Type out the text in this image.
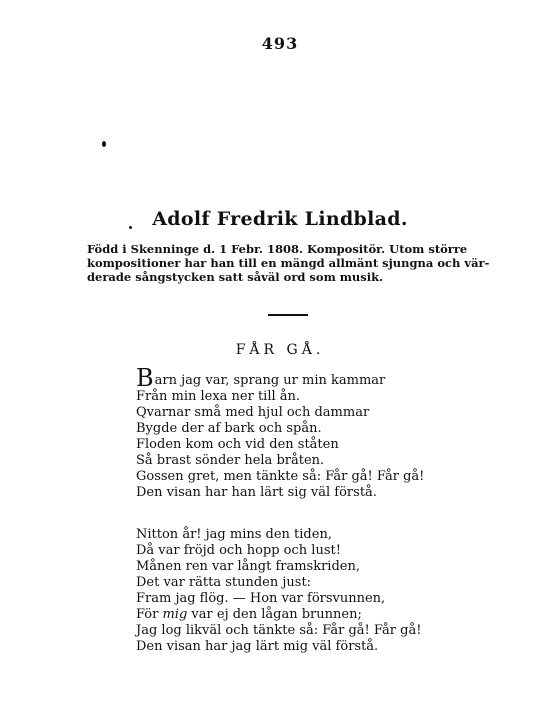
493
Adolf Fredrik Lindblad.
Född i Skenninge d. 1 Febr. 1808. Kompositör. Utom större
kompositioner har han till en mängd allmänt sjungna och vär-
derade sångstycken satt såväl ord som musik.
FÅR GÅ.
Barn jag var, sprang ur min kammar
Från min lexa ner till ån.
Qvarnar små med hjul och dammar
Bygde der af bark och spån.
Floden kom och vid den ståten
Så brast sönder hela bråten.
Gossen gret, men tänkte så: Får gå! Får gå!
Den visan har han lärt sig väl förstå.
Nitton år! jag mins den tiden,
Då var fröjd och hopp och lust!
Månen ren var långt framskriden,
Det var rätta stunden just:
Fram jag flög. — Hon var försvunnen,
För mig var ej den lågan brunnen;
Jag log likväl och tänkte så: Får gå! Får gå!
Den visan har jag lärt mig väl förstå.
